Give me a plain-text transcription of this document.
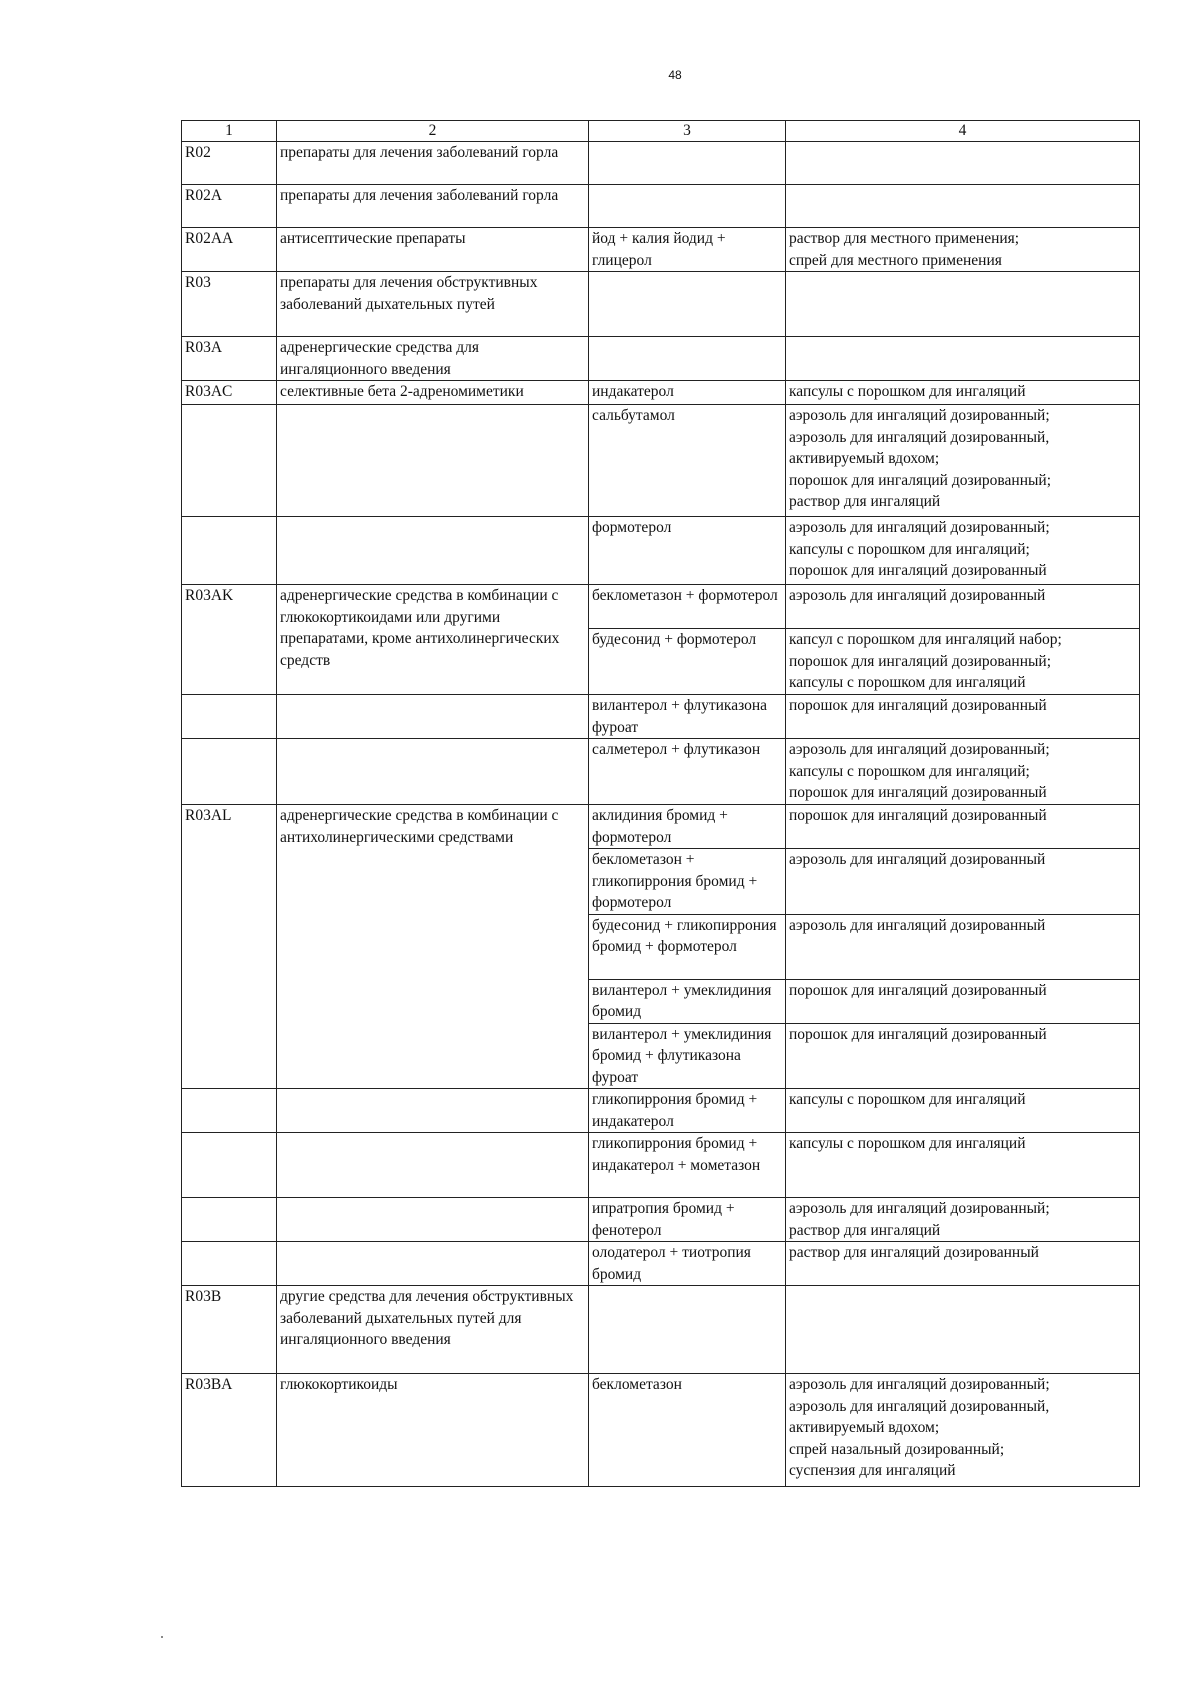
48
1	2	3	4
R02	препараты для лечения заболеваний горла		
R02A	препараты для лечения заболеваний горла		
R02AA	антисептические препараты	йод + калия йодид + глицерол	раствор для местного применения;
спрей для местного применения
R03	препараты для лечения обструктивных заболеваний дыхательных путей		
R03A	адренергические средства для ингаляционного введения		
R03AC	селективные бета 2-адреномиметики	индакатерол	капсулы с порошком для ингаляций
		сальбутамол	аэрозоль для ингаляций дозированный;
аэрозоль для ингаляций дозированный, активируемый вдохом;
порошок для ингаляций дозированный;
раствор для ингаляций
		формотерол	аэрозоль для ингаляций дозированный;
капсулы с порошком для ингаляций;
порошок для ингаляций дозированный
R03AK	адренергические средства в комбинации с глюкокортикоидами или другими препаратами, кроме антихолинергических средств	беклометазон + формотерол	аэрозоль для ингаляций дозированный
		будесонид + формотерол	капсул с порошком для ингаляций набор;
порошок для ингаляций дозированный;
капсулы с порошком для ингаляций
		вилантерол + флутиказона фуроат	порошок для ингаляций дозированный
		салметерол + флутиказон	аэрозоль для ингаляций дозированный;
капсулы с порошком для ингаляций;
порошок для ингаляций дозированный
R03AL	адренергические средства в комбинации с антихолинергическими средствами	аклидиния бромид + формотерол	порошок для ингаляций дозированный
		беклометазон + гликопиррония бромид + формотерол	аэрозоль для ингаляций дозированный
		будесонид + гликопиррония бромид + формотерол	аэрозоль для ингаляций дозированный
		вилантерол + умеклидиния бромид	порошок для ингаляций дозированный
		вилантерол + умеклидиния бромид + флутиказона фуроат	порошок для ингаляций дозированный
		гликопиррония бромид + индакатерол	капсулы с порошком для ингаляций
		гликопиррония бромид + индакатерол + мометазон	капсулы с порошком для ингаляций
		ипратропия бромид + фенотерол	аэрозоль для ингаляций дозированный;
раствор для ингаляций
		олодатерол + тиотропия бромид	раствор для ингаляций дозированный
R03B	другие средства для лечения обструктивных заболеваний дыхательных путей для ингаляционного введения		
R03BA	глюкокортикоиды	беклометазон	аэрозоль для ингаляций дозированный;
аэрозоль для ингаляций дозированный, активируемый вдохом;
спрей назальный дозированный;
суспензия для ингаляций
